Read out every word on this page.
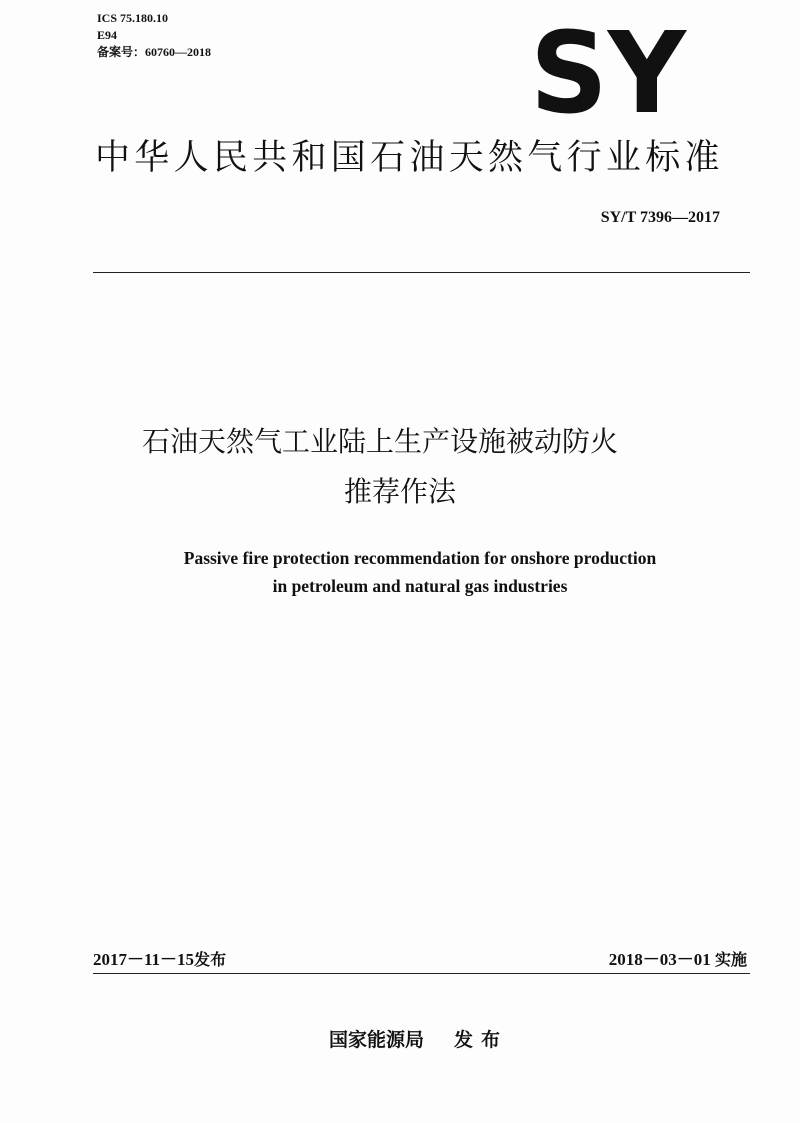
ICS 75.180.10
E94
备案号：60760—2018	SY
中华人民共和国石油天然气行业标准
SY/T 7396—2017
石油天然气工业陆上生产设施被动防火
推荐作法
Passive fire protection recommendation for onshore production
in petroleum and natural gas industries
2017－11－15发布	2018－03－01 实施
国家能源局 发布
